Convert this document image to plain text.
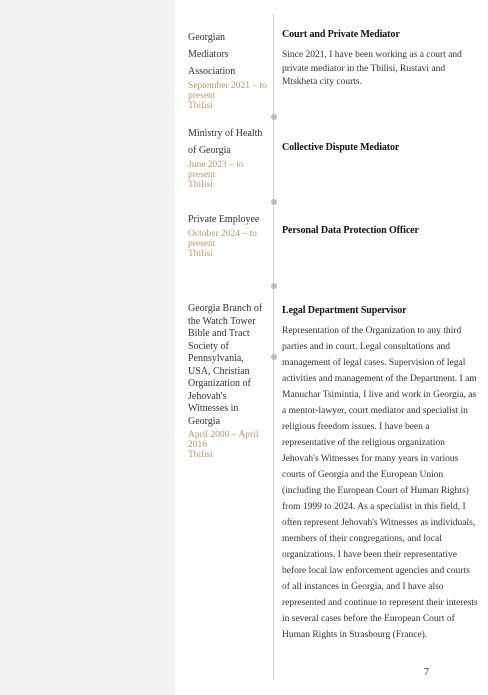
Georgian Mediators Association
September 2021 – to present
Tbilisi
Court and Private Mediator
Since 2021, I have been working as a court and private mediator in the Tbilisi, Rustavi and Mtskheta city courts.
Ministry of Health of Georgia
June 2023 – to present
Tbilisi
Collective Dispute Mediator
Private Employee
October 2024 – to present
Tbilisi
Personal Data Protection Officer
Georgia Branch of the Watch Tower Bible and Tract Society of Pennsylvania, USA, Christian Organization of Jehovah's Witnesses in Georgia
April 2000 – April 2016
Tbilisi
Legal Department Supervisor
Representation of the Organization to any third parties and in court. Legal consultations and management of legal cases. Supervision of legal activities and management of the Department. I am Manuchar Tsimintia, I live and work in Georgia, as a mentor-lawyer, court mediator and specialist in religious freedom issues. I have been a representative of the religious organization Jehovah's Witnesses for many years in various courts of Georgia and the European Union (including the European Court of Human Rights) from 1999 to 2024. As a specialist in this field, I often represent Jehovah's Witnesses as individuals, members of their congregations, and local organizations. I have been their representative before local law enforcement agencies and courts of all instances in Georgia, and I have also represented and continue to represent their interests in several cases before the European Court of Human Rights in Strasbourg (France).
7
